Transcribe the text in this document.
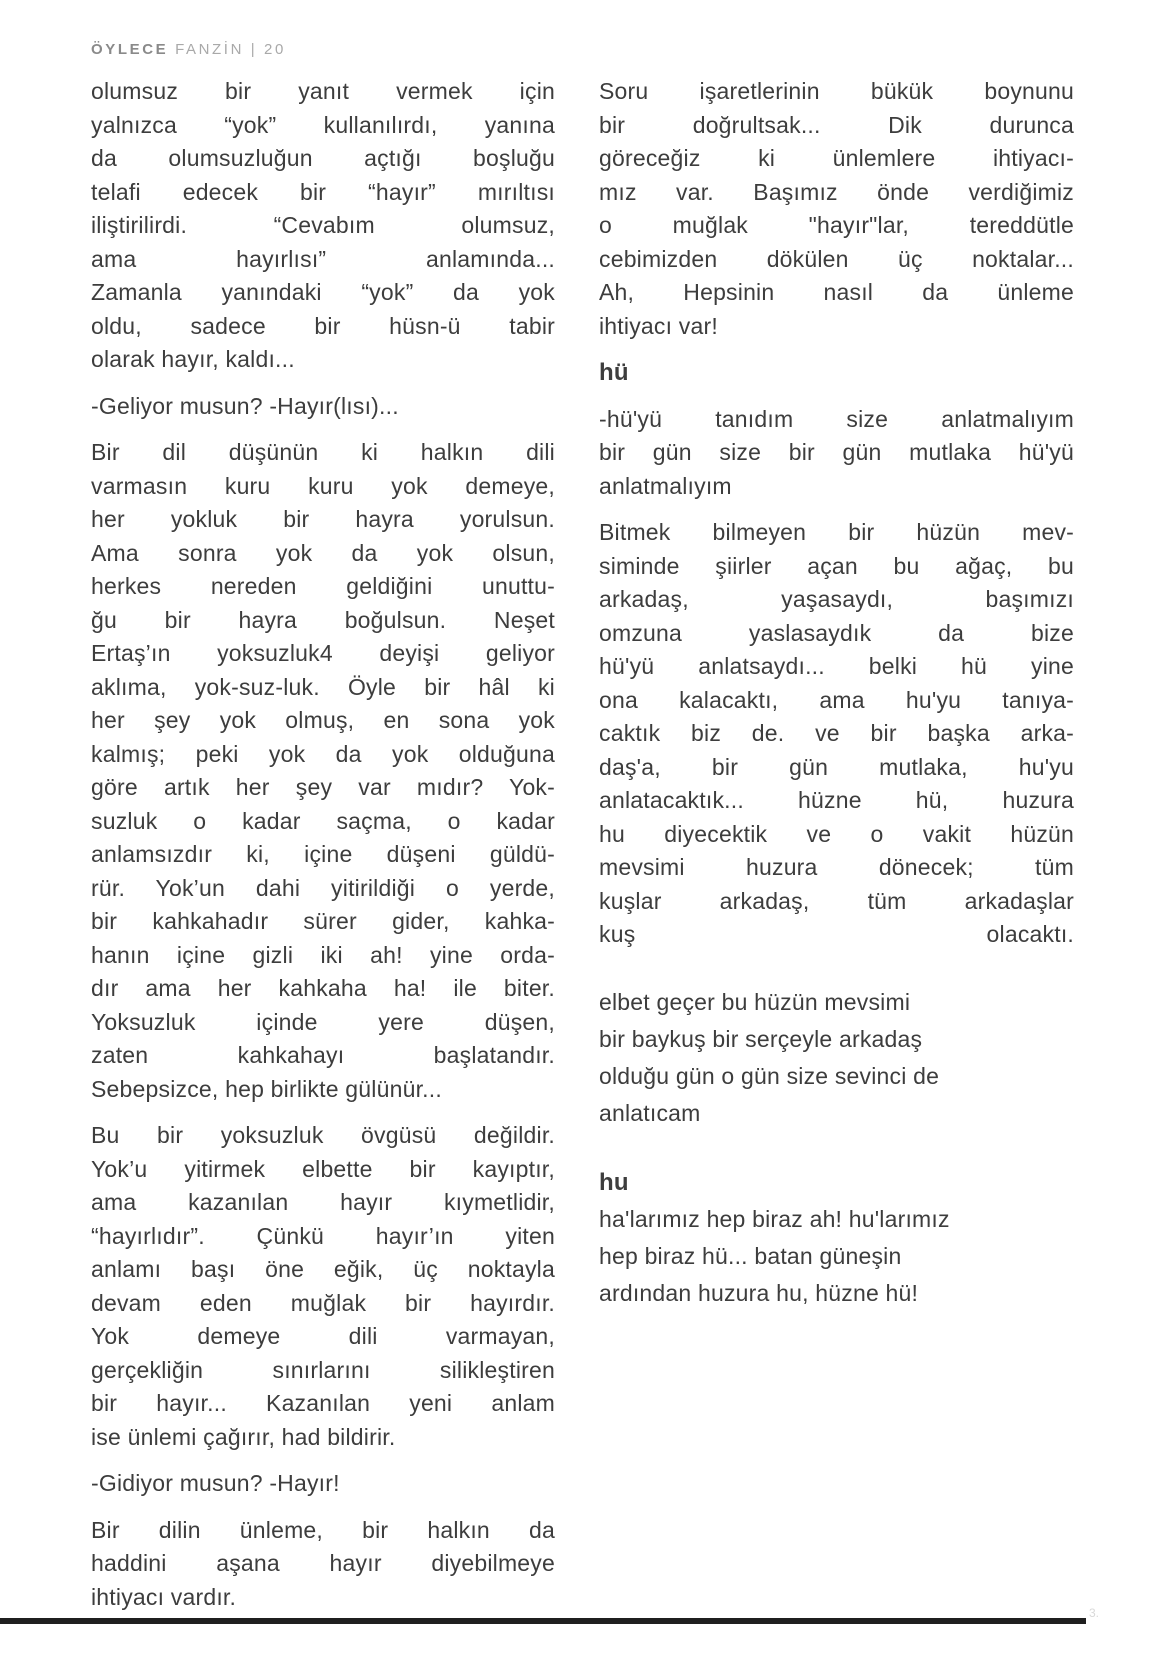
ÖYLECE FANZİN | 20
olumsuz bir yanıt vermek için
yalnızca “yok” kullanılırdı, yanına
da olumsuzluğun açtığı boşluğu
telafi edecek bir “hayır” mırıltısı
iliştirilirdi. “Cevabım olumsuz,
ama hayırlısı” anlamında...
Zamanla yanındaki “yok” da yok
oldu, sadece bir hüsn-ü tabir
olarak hayır, kaldı...
-Geliyor musun? -Hayır(lısı)...
Bir dil düşünün ki halkın dili
varmasın kuru kuru yok demeye,
her yokluk bir hayra yorulsun.
Ama sonra yok da yok olsun,
herkes nereden geldiğini unuttu-
ğu bir hayra boğulsun. Neşet
Ertaş’ın yoksuzluk4 deyişi geliyor
aklıma, yok-suz-luk. Öyle bir hâl ki
her şey yok olmuş, en sona yok
kalmış; peki yok da yok olduğuna
göre artık her şey var mıdır? Yok-
suzluk o kadar saçma, o kadar
anlamsızdır ki, içine düşeni güldü-
rür. Yok’un dahi yitirildiği o yerde,
bir kahkahadır sürer gider, kahka-
hanın içine gizli iki ah! yine orda-
dır ama her kahkaha ha! ile biter.
Yoksuzluk içinde yere düşen,
zaten kahkahayı başlatandır.
Sebepsizce, hep birlikte gülünür...
Bu bir yoksuzluk övgüsü değildir.
Yok’u yitirmek elbette bir kayıptır,
ama kazanılan hayır kıymetlidir,
“hayırlıdır”. Çünkü hayır’ın yiten
anlamı başı öne eğik, üç noktayla
devam eden muğlak bir hayırdır.
Yok demeye dili varmayan,
gerçekliğin sınırlarını silikleştiren
bir hayır... Kazanılan yeni anlam
ise ünlemi çağırır, had bildirir.
-Gidiyor musun? -Hayır!
Bir dilin ünleme, bir halkın da
haddini aşana hayır diyebilmeye
ihtiyacı vardır.
Soru işaretlerinin bükük boynunu
bir doğrultsak... Dik durunca
göreceğiz ki ünlemlere ihtiyacı-
mız var. Başımız önde verdiğimiz
o muğlak "hayır"lar, tereddütle
cebimizden dökülen üç noktalar...
Ah, Hepsinin nasıl da ünleme
ihtiyacı var!
hü
-hü'yü tanıdım size anlatmalıyım
bir gün size bir gün mutlaka hü'yü
anlatmalıyım
Bitmek bilmeyen bir hüzün mev-
siminde şiirler açan bu ağaç, bu
arkadaş, yaşasaydı, başımızı
omzuna yaslasaydık da bize
hü'yü anlatsaydı... belki hü yine
ona kalacaktı, ama hu'yu tanıya-
caktık biz de. ve bir başka arka-
daş'a, bir gün mutlaka, hu'yu
anlatacaktık... hüzne hü, huzura
hu diyecektik ve o vakit hüzün
mevsimi huzura dönecek; tüm
kuşlar arkadaş, tüm arkadaşlar
kuş olacaktı.
elbet geçer bu hüzün mevsimi
bir baykuş bir serçeyle arkadaş
olduğu gün o gün size sevinci de
anlatıcam
hu
ha'larımız hep biraz ah! hu'larımız
hep biraz hü... batan güneşin
ardından huzura hu, hüzne hü!
3.
